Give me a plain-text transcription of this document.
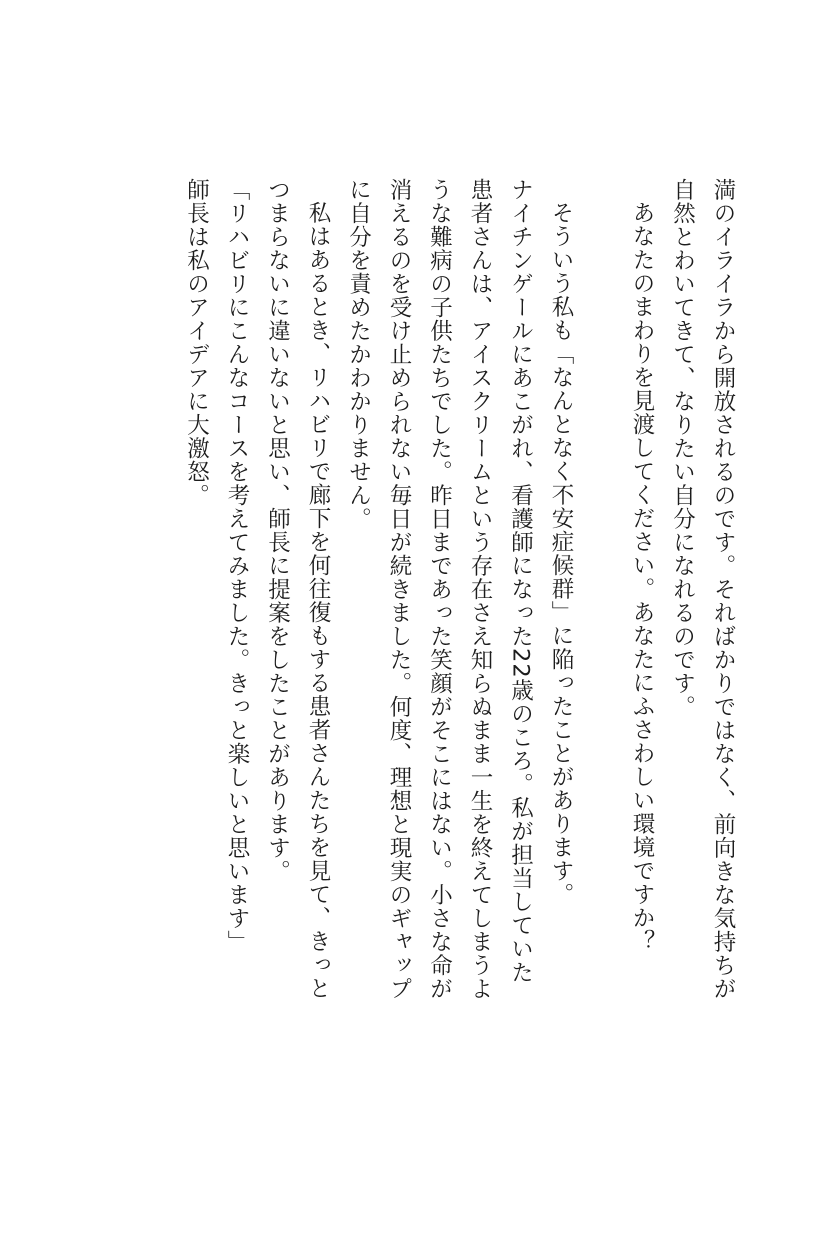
満のイライラから開放されるのです。そればかりではなく、前向きな気持ちが
自然とわいてきて、なりたい自分になれるのです。
あなたのまわりを見渡してください。あなたにふさわしい環境ですか？
そういう私も「なんとなく不安症候群」に陥ったことがあります。
ナイチンゲールにあこがれ、看護師になった22歳のころ。私が担当していた
患者さんは、アイスクリームという存在さえ知らぬまま一生を終えてしまうよ
うな難病の子供たちでした。昨日まであった笑顔がそこにはない。小さな命が
消えるのを受け止められない毎日が続きました。何度、理想と現実のギャップ
に自分を責めたかわかりません。
私はあるとき、リハビリで廊下を何往復もする患者さんたちを見て、きっと
つまらないに違いないと思い、師長に提案をしたことがあります。
「リハビリにこんなコースを考えてみました。きっと楽しいと思います」
師長は私のアイデアに大激怒。
